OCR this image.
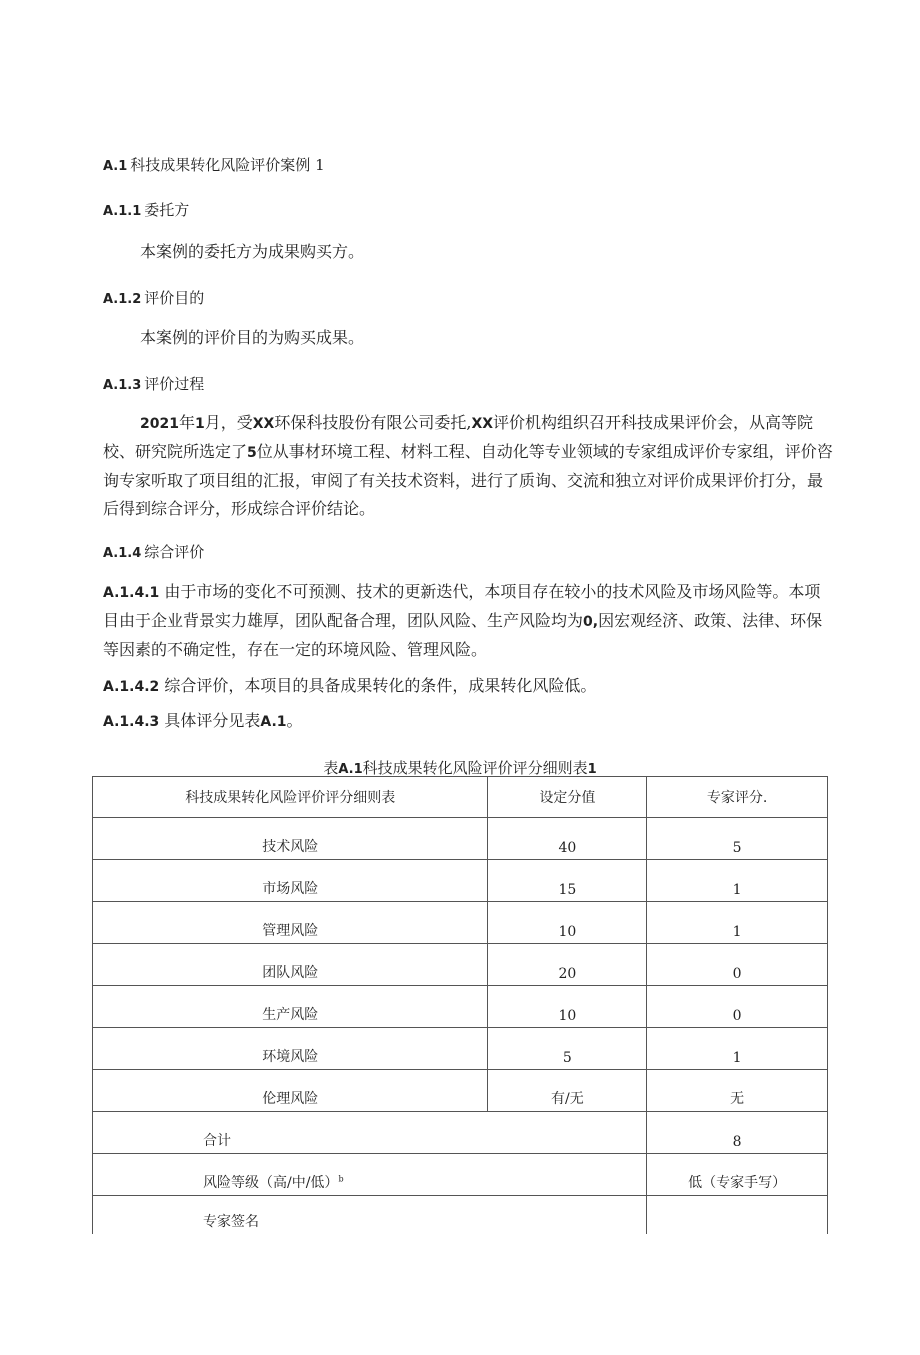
A.1 科技成果转化风险评价案例 1
A.1.1 委托方
本案例的委托方为成果购买方。
A.1.2 评价目的
本案例的评价目的为购买成果。
A.1.3 评价过程
2021年1月，受XX环保科技股份有限公司委托,XX评价机构组织召开科技成果评价会，从高等院校、研究院所选定了5位从事材环境工程、材料工程、自动化等专业领域的专家组成评价专家组，评价咨询专家听取了项目组的汇报，审阅了有关技术资料，进行了质询、交流和独立对评价成果评价打分，最后得到综合评分，形成综合评价结论。
A.1.4 综合评价
A.1.4.1 由于市场的变化不可预测、技术的更新迭代，本项目存在较小的技术风险及市场风险等。本项目由于企业背景实力雄厚，团队配备合理，团队风险、生产风险均为0,因宏观经济、政策、法律、环保等因素的不确定性，存在一定的环境风险、管理风险。
A.1.4.2 综合评价，本项目的具备成果转化的条件，成果转化风险低。
A.1.4.3 具体评分见表A.1。
表A.1科技成果转化风险评价评分细则表1
科技成果转化风险评价评分细则表	设定分值	专家评分.

技术风险	40	5

市场风险	15	1

管理风险	10	1

团队风险	20	0

生产风险	10	0

环境风险	5	1

伦理风险	有/无	无

合计		8

风险等级（高/中/低）$^b$		低（专家手写）

专家签名		
